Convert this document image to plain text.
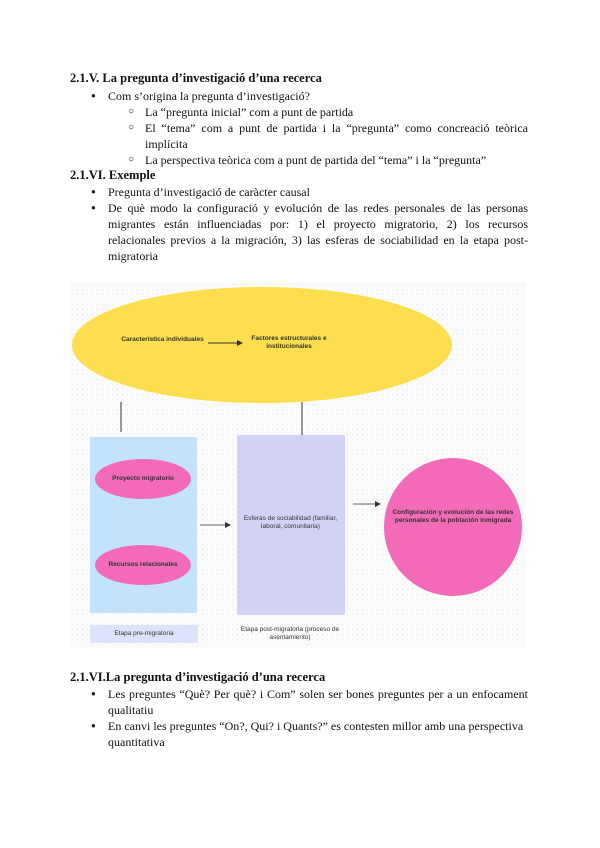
2.1.V. La pregunta d’investigació d’una recerca
● Com s’origina la pregunta d’investigació?
○ La “pregunta inicial” com a punt de partida
○ El “tema” com a punt de partida i la “pregunta” como concreació teòrica implícita
○ La perspectiva teòrica com a punt de partida del “tema” i la “pregunta”
2.1.VI. Exemple
● Pregunta d’investigació de caràcter causal
● De què modo la configuració y evolución de las redes personales de las personas migrantes están influenciadas por: 1) el proyecto migratorio, 2) los recursos relacionales previos a la migración, 3) las esferas de sociabilidad en la etapa post-migratoria
Característica individuales	Factores estructurales e institucionales
Proyecto migratorio
Recursos relacionales
Esferas de sociabilidad (familiar, laboral, comunitaria)
Configuración y evolución de las redes personales de la población inmigrada
Etapa pre-migratoria
Etapa post-migratoria (proceso de asentamiento)
2.1.VI.La pregunta d’investigació d’una recerca
● Les preguntes “Què? Per què? i Com” solen ser bones preguntes per a un enfocament qualitatiu
● En canvi les preguntes “On?, Qui? i Quants?” es contesten millor amb una perspectiva quantitativa
